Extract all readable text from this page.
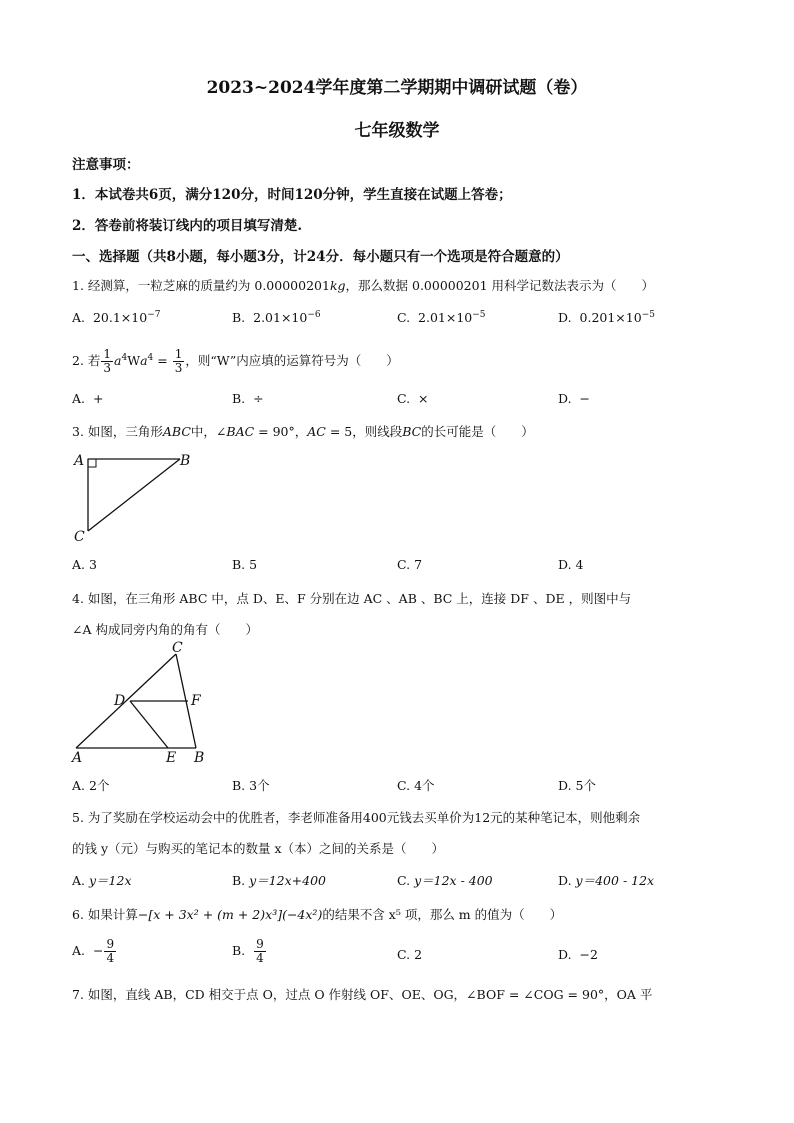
2023~2024学年度第二学期期中调研试题（卷）
七年级数学
注意事项：
1．本试卷共6页，满分120分，时间120分钟，学生直接在试题上答卷；
2．答卷前将装订线内的项目填写清楚.
一、选择题（共8小题，每小题3分，计24分．每小题只有一个选项是符合题意的）
1. 经测算，一粒芝麻的质量约为 0.00000201kg，那么数据 0.00000201 用科学记数法表示为（　　）
A. $20.1\times 10^{-7}$	B. $2.01\times 10^{-6}$	C. $2.01\times 10^{-5}$	D. $0.201\times 10^{-5}$
2. 若 $\frac{1}{3} a^4Wa^4 = \frac{1}{3}$ ，则“W”内应填的运算符号为（　　）
A. +	B. ÷	C. ×	D. −
3. 如图，三角形ABC中，∠BAC = 90°，AC = 5，则线段BC的长可能是（　　）
A	B
C
A. 3	B. 5	C. 7	D. 4
4. 如图，在三角形 ABC 中，点 D、E、F 分别在边 AC 、AB 、BC 上，连接 DF 、DE ，则图中与
∠A 构成同旁内角的角有（　　）
A	B
C
D
E
F
A. 2个	B. 3个	C. 4个	D. 5个
5. 为了奖励在学校运动会中的优胜者，李老师准备用400元钱去买单价为12元的某种笔记本，则他剩余
的钱 y（元）与购买的笔记本的数量 x（本）之间的关系是（　　）
A. y＝12x	B. y＝12x+400	C. y＝12x - 400	D. y＝400 - 12x
6. 如果计算−[x + 3x² + (m + 2)x³](−4x²)的结果不含 x⁵ 项，那么 m 的值为（　　）
A. − $\frac{9}{4}$	B. $\frac{9}{4}$	C. 2	D. −2
7. 如图，直线 AB，CD 相交于点 O，过点 O 作射线 OF、OE、OG，∠BOF = ∠COG = 90°，OA 平
